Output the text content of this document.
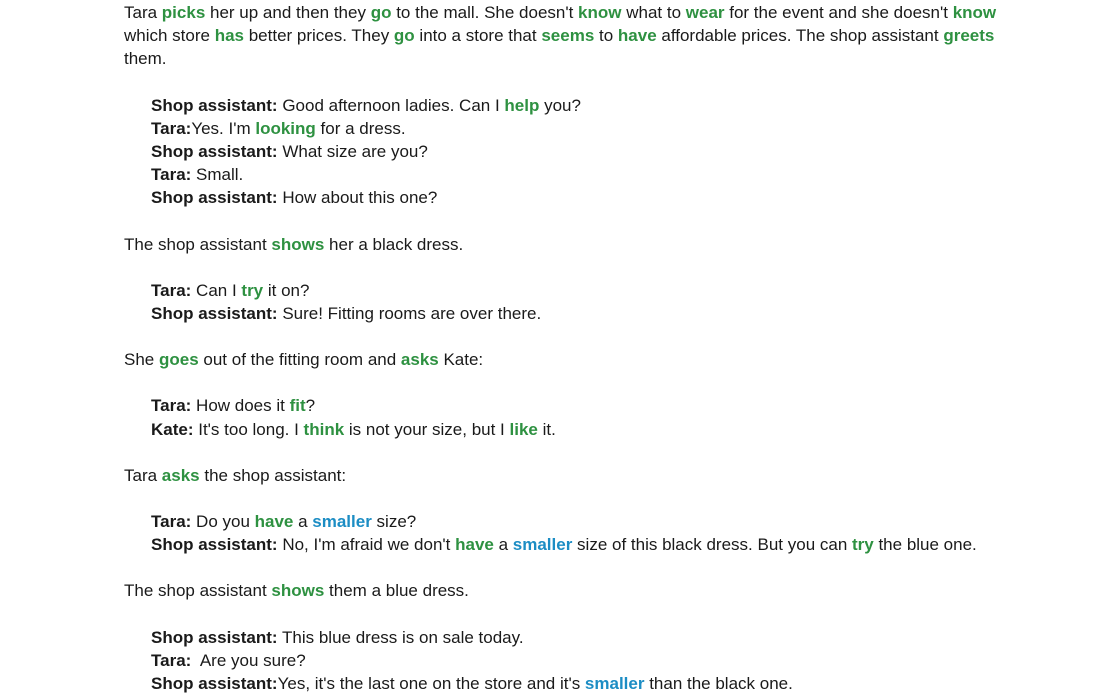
Tara picks her up and then they go to the mall. She doesn't know what to wear for the event and she doesn't know which store has better prices. They go into a store that seems to have affordable prices. The shop assistant greets them.

Shop assistant: Good afternoon ladies. Can I help you?
Tara:Yes. I'm looking for a dress.
Shop assistant: What size are you?
Tara: Small.
Shop assistant: How about this one?

The shop assistant shows her a black dress.

Tara: Can I try it on?
Shop assistant: Sure! Fitting rooms are over there.

She goes out of the fitting room and asks Kate:

Tara: How does it fit?
Kate: It's too long. I think is not your size, but I like it.

Tara asks the shop assistant:

Tara: Do you have a smaller size?
Shop assistant: No, I'm afraid we don't have a smaller size of this black dress. But you can try the blue one.

The shop assistant shows them a blue dress.

Shop assistant: This blue dress is on sale today.
Tara:  Are you sure?
Shop assistant:Yes, it's the last one on the store and it's smaller than the black one.
